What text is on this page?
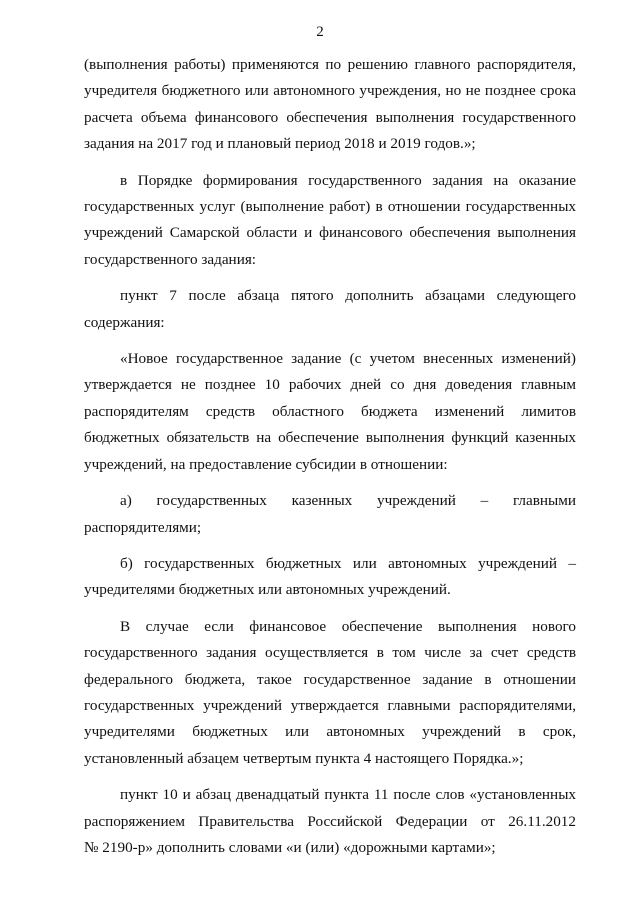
2
(выполнения работы) применяются по решению главного распорядителя,
учредителя бюджетного или автономного учреждения, но не позднее срока
расчета объема финансового обеспечения выполнения государственного
задания на 2017 год и плановый период 2018 и 2019 годов.»;
в Порядке формирования государственного задания на оказание
государственных услуг (выполнение работ) в отношении государственных
учреждений Самарской области и финансового обеспечения выполнения
государственного задания:
пункт 7 после абзаца пятого дополнить абзацами следующего
содержания:
«Новое государственное задание (с учетом внесенных изменений)
утверждается не позднее 10 рабочих дней со дня доведения главным
распорядителям средств областного бюджета изменений лимитов
бюджетных обязательств на обеспечение выполнения функций казенных
учреждений, на предоставление субсидии в отношении:
а) государственных казенных учреждений – главными
распорядителями;
б) государственных бюджетных или автономных учреждений –
учредителями бюджетных или автономных учреждений.
В случае если финансовое обеспечение выполнения нового
государственного задания осуществляется в том числе за счет средств
федерального бюджета, такое государственное задание в отношении
государственных учреждений утверждается главными распорядителями,
учредителями бюджетных или автономных учреждений в срок,
установленный абзацем четвертым пункта 4 настоящего Порядка.»;
пункт 10 и абзац двенадцатый пункта 11 после слов «установленных
распоряжением Правительства Российской Федерации от 26.11.2012
№ 2190-р» дополнить словами «и (или) «дорожными картами»;
